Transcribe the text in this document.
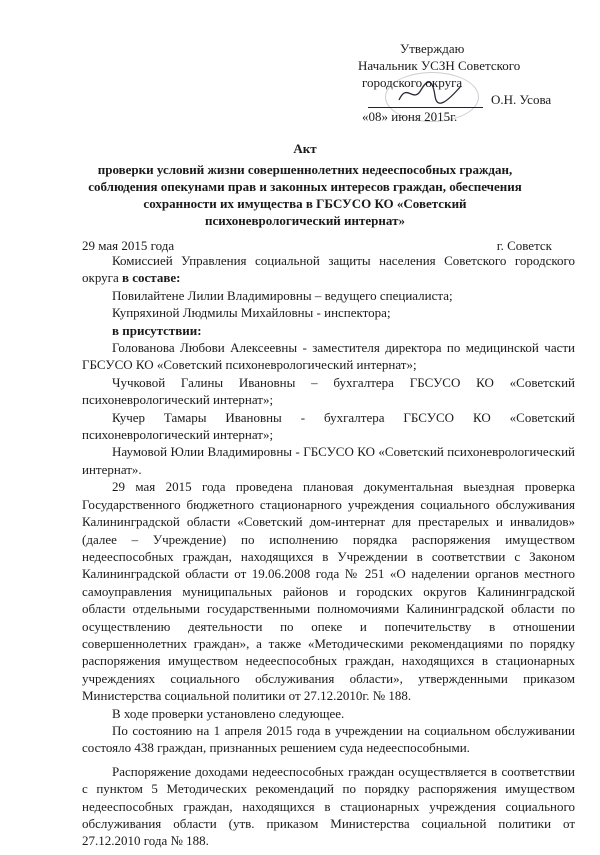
Утверждаю
Начальник УСЗН Советского
городского округа
О.Н. Усова
«08» июня 2015г.
Акт
проверки условий жизни совершеннолетних недееспособных граждан, соблюдения опекунами прав и законных интересов граждан, обеспечения сохранности их имущества в ГБСУСО КО «Советский психоневрологический интернат»
29 мая 2015 года	г. Советск

Комиссией Управления социальной защиты населения Советского городского округа в составе:

Повилайтене Лилии Владимировны – ведущего специалиста;

Купряхиной Людмилы Михайловны - инспектора;

в присутствии:

Голованова Любови Алексеевны - заместителя директора по медицинской части ГБСУСО КО «Советский психоневрологический интернат»;

Чучковой Галины Ивановны – бухгалтера ГБСУСО КО «Советский психоневрологический интернат»;

Кучер Тамары Ивановны - бухгалтера ГБСУСО КО «Советский психоневрологический интернат»;

Наумовой Юлии Владимировны - ГБСУСО КО «Советский психоневрологический интернат».

29 мая 2015 года проведена плановая документальная выездная проверка Государственного бюджетного стационарного учреждения социального обслуживания Калининградской области «Советский дом-интернат для престарелых и инвалидов» (далее – Учреждение) по исполнению порядка распоряжения имуществом недееспособных граждан, находящихся в Учреждении в соответствии с Законом Калининградской области от 19.06.2008 года № 251 «О наделении органов местного самоуправления муниципальных районов и городских округов Калининградской области отдельными государственными полномочиями Калининградской области по осуществлению деятельности по опеке и попечительству в отношении совершеннолетних граждан», а также «Методическими рекомендациями по порядку распоряжения имуществом недееспособных граждан, находящихся в стационарных учреждениях социального обслуживания области», утвержденными приказом Министерства социальной политики от 27.12.2010г. № 188.

В ходе проверки установлено следующее.

По состоянию на 1 апреля 2015 года в учреждении на социальном обслуживании состояло 438 граждан, признанных решением суда недееспособными.

Распоряжение доходами недееспособных граждан осуществляется в соответствии с пунктом 5 Методических рекомендаций по порядку распоряжения имуществом недееспособных граждан, находящихся в стационарных учреждения социального обслуживания области (утв. приказом Министерства социальной политики от 27.12.2010 года № 188.
